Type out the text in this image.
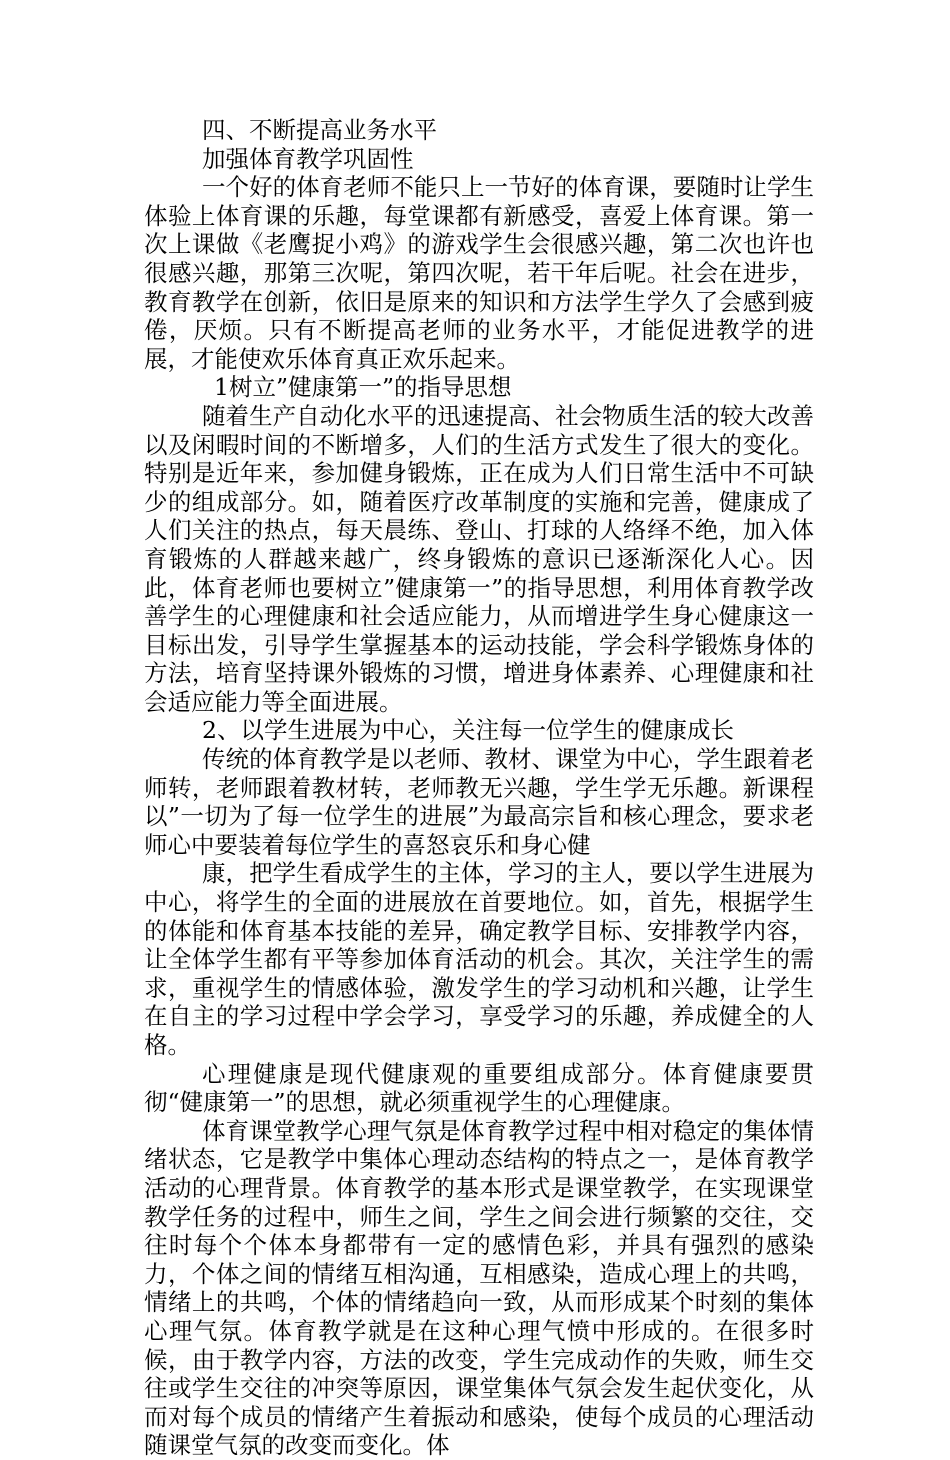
四、不断提高业务水平

加强体育教学巩固性

一个好的体育老师不能只上一节好的体育课，要随时让学生体验上体育课的乐趣，每堂课都有新感受，喜爱上体育课。第一次上课做《老鹰捉小鸡》的游戏学生会很感兴趣，第二次也许也很感兴趣，那第三次呢，第四次呢，若干年后呢。社会在进步，教育教学在创新，依旧是原来的知识和方法学生学久了会感到疲倦，厌烦。只有不断提高老师的业务水平，才能促进教学的进展，才能使欢乐体育真正欢乐起来。

1树立”健康第一”的指导思想

随着生产自动化水平的迅速提高、社会物质生活的较大改善以及闲暇时间的不断增多，人们的生活方式发生了很大的变化。特别是近年来，参加健身锻炼，正在成为人们日常生活中不可缺少的组成部分。如，随着医疗改革制度的实施和完善，健康成了人们关注的热点，每天晨练、登山、打球的人络绎不绝，加入体育锻炼的人群越来越广，终身锻炼的意识已逐渐深化人心。因此，体育老师也要树立”健康第一”的指导思想，利用体育教学改善学生的心理健康和社会适应能力，从而增进学生身心健康这一目标出发，引导学生掌握基本的运动技能，学会科学锻炼身体的方法，培育坚持课外锻炼的习惯，增进身体素养、心理健康和社会适应能力等全面进展。

2、以学生进展为中心，关注每一位学生的健康成长

传统的体育教学是以老师、教材、课堂为中心，学生跟着老师转，老师跟着教材转，老师教无兴趣，学生学无乐趣。新课程以”一切为了每一位学生的进展”为最高宗旨和核心理念，要求老师心中要装着每位学生的喜怒哀乐和身心健

康，把学生看成学生的主体，学习的主人，要以学生进展为中心，将学生的全面的进展放在首要地位。如，首先，根据学生的体能和体育基本技能的差异，确定教学目标、安排教学内容，让全体学生都有平等参加体育活动的机会。其次，关注学生的需求，重视学生的情感体验，激发学生的学习动机和兴趣，让学生在自主的学习过程中学会学习，享受学习的乐趣，养成健全的人格。

心理健康是现代健康观的重要组成部分。体育健康要贯彻“健康第一”的思想，就必须重视学生的心理健康。

体育课堂教学心理气氛是体育教学过程中相对稳定的集体情绪状态，它是教学中集体心理动态结构的特点之一，是体育教学活动的心理背景。体育教学的基本形式是课堂教学，在实现课堂教学任务的过程中，师生之间，学生之间会进行频繁的交往，交往时每个个体本身都带有一定的感情色彩，并具有强烈的感染力，个体之间的情绪互相沟通，互相感染，造成心理上的共鸣，情绪上的共鸣，个体的情绪趋向一致，从而形成某个时刻的集体心理气氛。体育教学就是在这种心理气愤中形成的。在很多时候，由于教学内容，方法的改变，学生完成动作的失败，师生交往或学生交往的冲突等原因，课堂集体气氛会发生起伏变化，从而对每个成员的情绪产生着振动和感染，使每个成员的心理活动随课堂气氛的改变而变化。体
